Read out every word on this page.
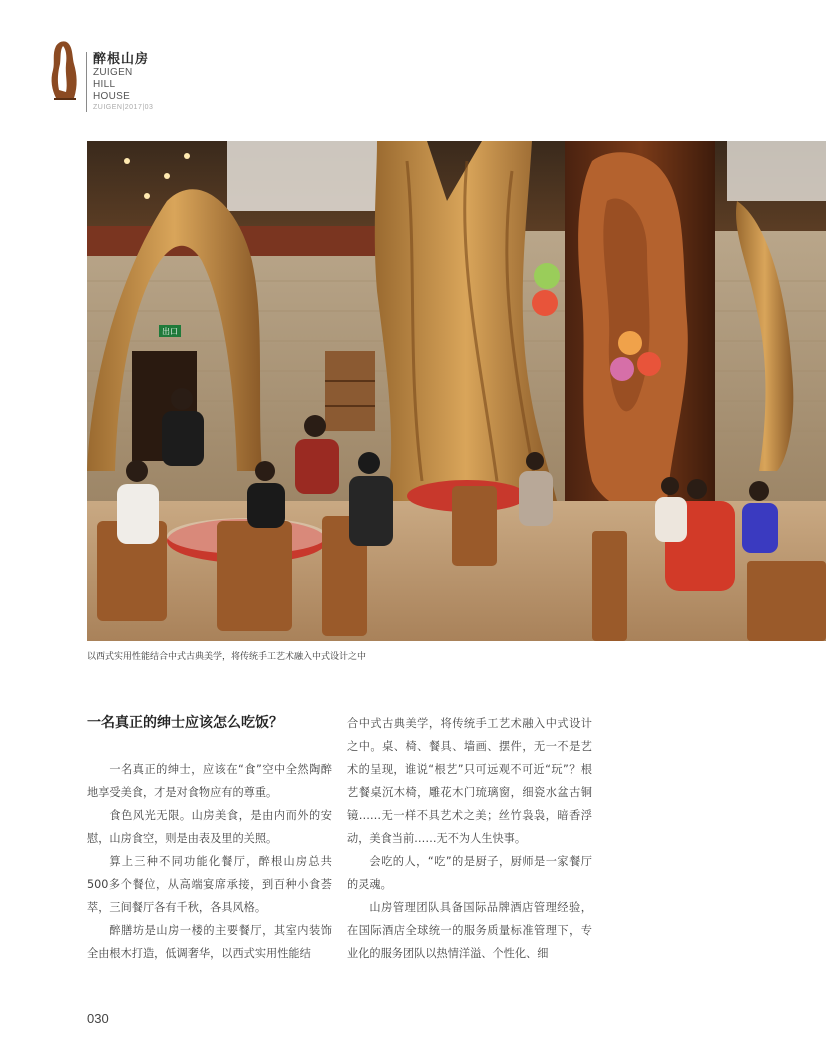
醉根山房
ZUIGEN HILL HOUSE
ZUIGEN|2017|03
出口
以西式实用性能结合中式古典美学，将传统手工艺术融入中式设计之中
一名真正的绅士应该怎么吃饭？

一名真正的绅士，应该在“食”空中全然陶醉地享受美食，才是对食物应有的尊重。

食色风光无限。山房美食，是由内而外的安慰，山房食空，则是由表及里的关照。

算上三种不同功能化餐厅，醉根山房总共500多个餐位，从高端宴席承接，到百种小食荟萃，三间餐厅各有千秋，各具风格。

醉膳坊是山房一楼的主要餐厅，其室内装饰全由根木打造，低调奢华，以西式实用性能结

合中式古典美学，将传统手工艺术融入中式设计之中。桌、椅、餐具、墙画、摆件，无一不是艺术的呈现，谁说“根艺”只可远观不可近“玩”？根艺餐桌沉木椅，雕花木门琉璃窗，细瓷水盆古铜镜……无一样不具艺术之美；丝竹袅袅，暗香浮动，美食当前……无不为人生快事。

会吃的人，“吃”的是厨子，厨师是一家餐厅的灵魂。

山房管理团队具备国际品牌酒店管理经验，在国际酒店全球统一的服务质量标准管理下，专业化的服务团队以热情洋溢、个性化、细

030
